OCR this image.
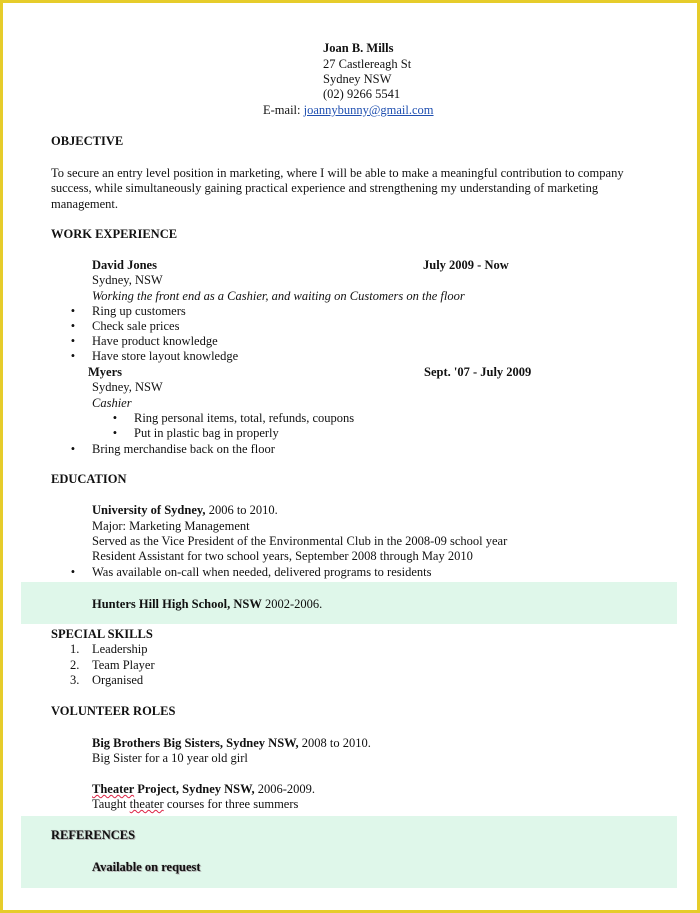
Joan B. Mills
27 Castlereagh St
Sydney NSW
(02) 9266 5541
E-mail: joannybunny@gmail.com
OBJECTIVE
To secure an entry level position in marketing, where I will be able to make a meaningful contribution to company success, while simultaneously gaining practical experience and strengthening my understanding of marketing management.
WORK EXPERIENCE
David Jones	July 2009 - Now
Sydney, NSW
Working the front end as a Cashier, and waiting on Customers on the floor
• Ring up customers
• Check sale prices
• Have product knowledge
• Have store layout knowledge
Myers	Sept. '07 - July 2009
Sydney, NSW
Cashier
• Ring personal items, total, refunds, coupons
• Put in plastic bag in properly
• Bring merchandise back on the floor
EDUCATION
University of Sydney, 2006 to 2010.
Major: Marketing Management
Served as the Vice President of the Environmental Club in the 2008-09 school year
Resident Assistant for two school years, September 2008 through May 2010
• Was available on-call when needed, delivered programs to residents
Hunters Hill High School, NSW 2002-2006.
SPECIAL SKILLS
1. Leadership
2. Team Player
3. Organised
VOLUNTEER ROLES
Big Brothers Big Sisters, Sydney NSW, 2008 to 2010.
Big Sister for a 10 year old girl
Theater Project, Sydney NSW, 2006-2009.
Taught theater courses for three summers
REFERENCES
Available on request
